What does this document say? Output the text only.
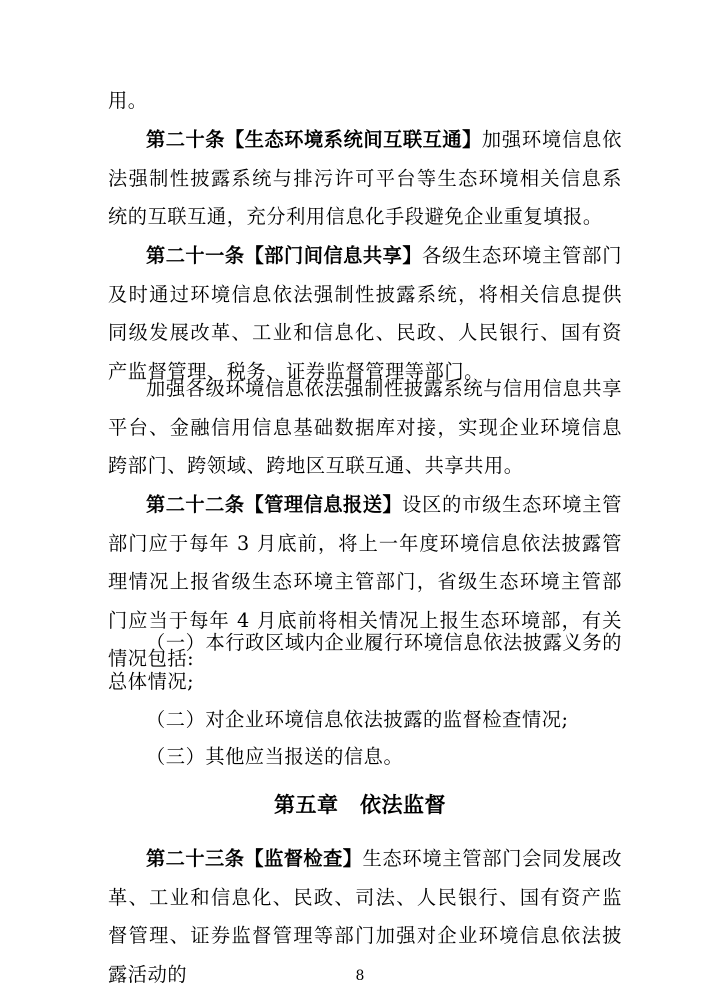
用。

第二十条【生态环境系统间互联互通】加强环境信息依法强制性披露系统与排污许可平台等生态环境相关信息系统的互联互通，充分利用信息化手段避免企业重复填报。

第二十一条【部门间信息共享】各级生态环境主管部门及时通过环境信息依法强制性披露系统，将相关信息提供同级发展改革、工业和信息化、民政、人民银行、国有资产监督管理、税务、证券监督管理等部门。

加强各级环境信息依法强制性披露系统与信用信息共享平台、金融信用信息基础数据库对接，实现企业环境信息跨部门、跨领域、跨地区互联互通、共享共用。

第二十二条【管理信息报送】设区的市级生态环境主管部门应于每年 3 月底前，将上一年度环境信息依法披露管理情况上报省级生态环境主管部门，省级生态环境主管部门应当于每年 4 月底前将相关情况上报生态环境部，有关情况包括:

（一）本行政区域内企业履行环境信息依法披露义务的总体情况;

（二）对企业环境信息依法披露的监督检查情况;

（三）其他应当报送的信息。

第五章　依法监督

第二十三条【监督检查】生态环境主管部门会同发展改革、工业和信息化、民政、司法、人民银行、国有资产监督管理、证券监督管理等部门加强对企业环境信息依法披露活动的	8
